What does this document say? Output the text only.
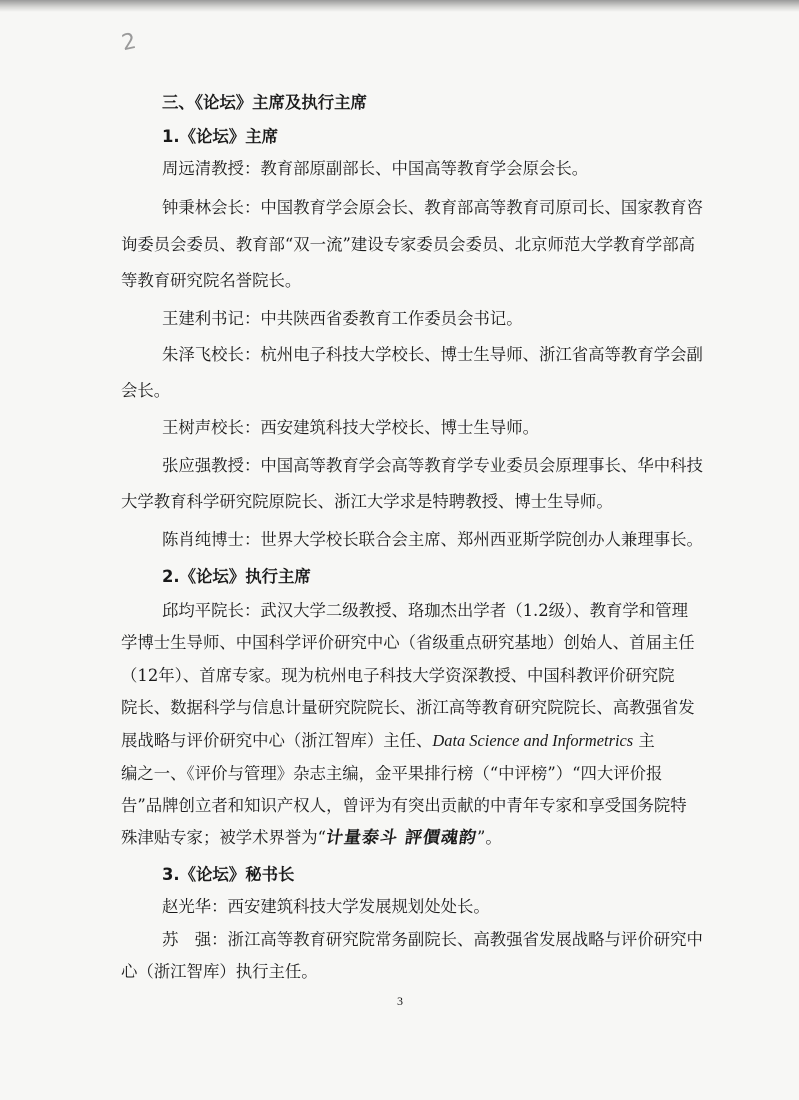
2
三、《论坛》主席及执行主席
1.《论坛》主席
周远清教授：教育部原副部长、中国高等教育学会原会长。
钟秉林会长：中国教育学会原会长、教育部高等教育司原司长、国家教育咨
询委员会委员、教育部“双一流”建设专家委员会委员、北京师范大学教育学部高
等教育研究院名誉院长。
王建利书记：中共陕西省委教育工作委员会书记。
朱泽飞校长：杭州电子科技大学校长、博士生导师、浙江省高等教育学会副
会长。
王树声校长：西安建筑科技大学校长、博士生导师。
张应强教授：中国高等教育学会高等教育学专业委员会原理事长、华中科技
大学教育科学研究院原院长、浙江大学求是特聘教授、博士生导师。
陈肖纯博士：世界大学校长联合会主席、郑州西亚斯学院创办人兼理事长。
2.《论坛》执行主席
邱均平院长：武汉大学二级教授、珞珈杰出学者（1.2级）、教育学和管理
学博士生导师、中国科学评价研究中心（省级重点研究基地）创始人、首届主任
（12年）、首席专家。现为杭州电子科技大学资深教授、中国科教评价研究院
院长、数据科学与信息计量研究院院长、浙江高等教育研究院院长、高教强省发
展战略与评价研究中心（浙江智库）主任、Data Science and Informetrics 主
编之一、《评价与管理》杂志主编，金平果排行榜（“中评榜”）“四大评价报
告”品牌创立者和知识产权人，曾评为有突出贡献的中青年专家和享受国务院特
殊津贴专家；被学术界誉为“计量泰斗 評價魂韵”。
3.《论坛》秘书长
赵光华：西安建筑科技大学发展规划处处长。
苏　强：浙江高等教育研究院常务副院长、高教强省发展战略与评价研究中
心（浙江智库）执行主任。
3
